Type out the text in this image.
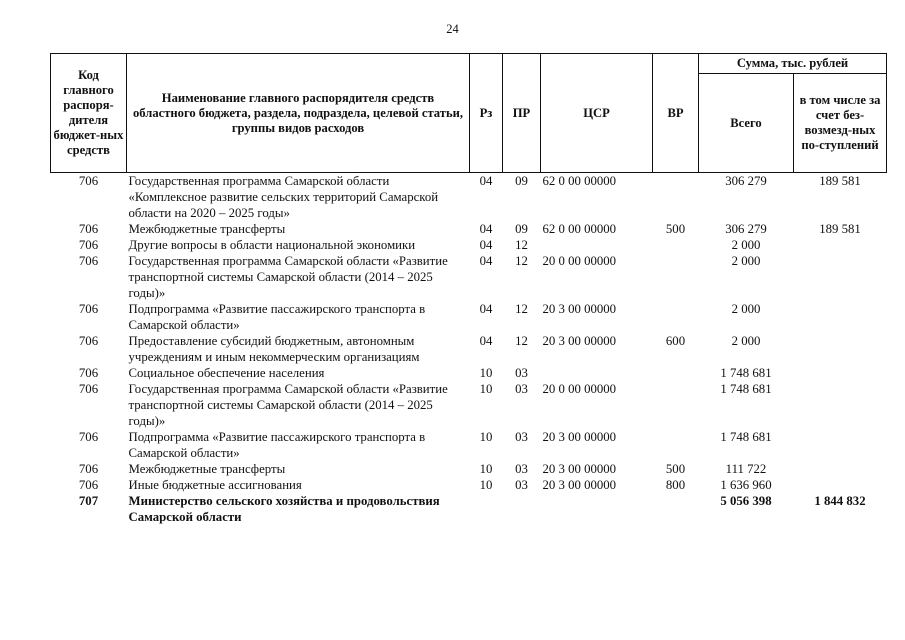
24
Код главного распоря-дителя бюджет-ных средств	Наименование главного распорядителя средств областного бюджета, раздела, подраздела, целевой статьи, группы видов расходов	Рз	ПР	ЦСР	ВР	Сумма, тыс. рублей	
						Всего	в том числе за счет без-возмезд-ных по-ступлений
706	Государственная программа Самарской области «Комплексное развитие сельских территорий Самарской области на 2020 – 2025 годы»	04	09	62 0 00 00000		306 279	189 581
706	Межбюджетные трансферты	04	09	62 0 00 00000	500	306 279	189 581
706	Другие вопросы в области национальной экономики	04	12			2 000	
706	Государственная программа Самарской области «Развитие транспортной системы Самарской области (2014 – 2025 годы)»	04	12	20 0 00 00000		2 000	
706	Подпрограмма «Развитие пассажирского транспорта в Самарской области»	04	12	20 3 00 00000		2 000	
706	Предоставление субсидий бюджетным, автономным учреждениям и иным некоммерческим организациям	04	12	20 3 00 00000	600	2 000	
706	Социальное обеспечение населения	10	03			1 748 681	
706	Государственная программа Самарской области «Развитие транспортной системы Самарской области (2014 – 2025 годы)»	10	03	20 0 00 00000		1 748 681	
706	Подпрограмма «Развитие пассажирского транспорта в Самарской области»	10	03	20 3 00 00000		1 748 681	
706	Межбюджетные трансферты	10	03	20 3 00 00000	500	111 722	
706	Иные бюджетные ассигнования	10	03	20 3 00 00000	800	1 636 960	
707	Министерство сельского хозяйства и продовольствия Самарской области					5 056 398	1 844 832
